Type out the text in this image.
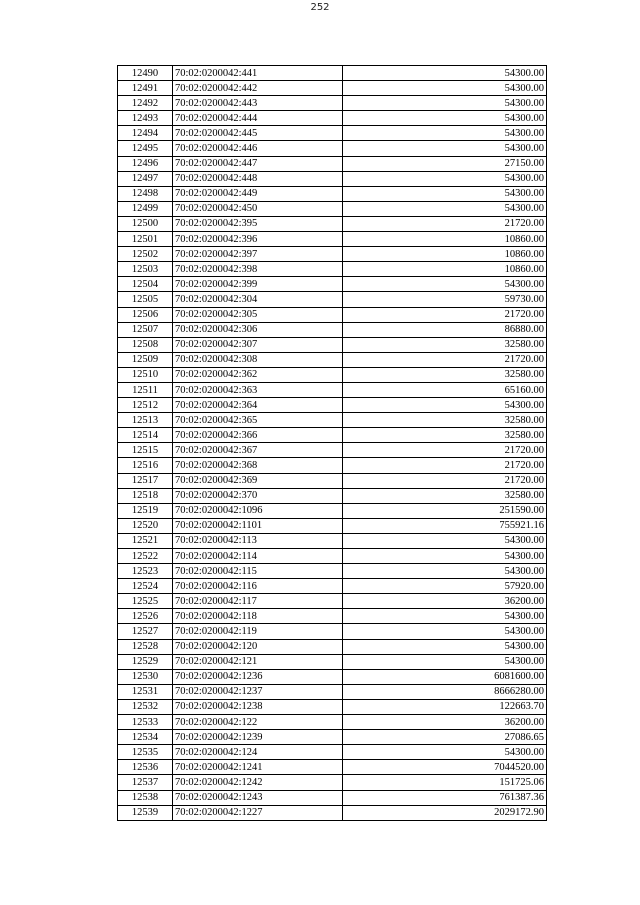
252
12490	70:02:0200042:441	54300.00
12491	70:02:0200042:442	54300.00
12492	70:02:0200042:443	54300.00
12493	70:02:0200042:444	54300.00
12494	70:02:0200042:445	54300.00
12495	70:02:0200042:446	54300.00
12496	70:02:0200042:447	27150.00
12497	70:02:0200042:448	54300.00
12498	70:02:0200042:449	54300.00
12499	70:02:0200042:450	54300.00
12500	70:02:0200042:395	21720.00
12501	70:02:0200042:396	10860.00
12502	70:02:0200042:397	10860.00
12503	70:02:0200042:398	10860.00
12504	70:02:0200042:399	54300.00
12505	70:02:0200042:304	59730.00
12506	70:02:0200042:305	21720.00
12507	70:02:0200042:306	86880.00
12508	70:02:0200042:307	32580.00
12509	70:02:0200042:308	21720.00
12510	70:02:0200042:362	32580.00
12511	70:02:0200042:363	65160.00
12512	70:02:0200042:364	54300.00
12513	70:02:0200042:365	32580.00
12514	70:02:0200042:366	32580.00
12515	70:02:0200042:367	21720.00
12516	70:02:0200042:368	21720.00
12517	70:02:0200042:369	21720.00
12518	70:02:0200042:370	32580.00
12519	70:02:0200042:1096	251590.00
12520	70:02:0200042:1101	755921.16
12521	70:02:0200042:113	54300.00
12522	70:02:0200042:114	54300.00
12523	70:02:0200042:115	54300.00
12524	70:02:0200042:116	57920.00
12525	70:02:0200042:117	36200.00
12526	70:02:0200042:118	54300.00
12527	70:02:0200042:119	54300.00
12528	70:02:0200042:120	54300.00
12529	70:02:0200042:121	54300.00
12530	70:02:0200042:1236	6081600.00
12531	70:02:0200042:1237	8666280.00
12532	70:02:0200042:1238	122663.70
12533	70:02:0200042:122	36200.00
12534	70:02:0200042:1239	27086.65
12535	70:02:0200042:124	54300.00
12536	70:02:0200042:1241	7044520.00
12537	70:02:0200042:1242	151725.06
12538	70:02:0200042:1243	761387.36
12539	70:02:0200042:1227	2029172.90
